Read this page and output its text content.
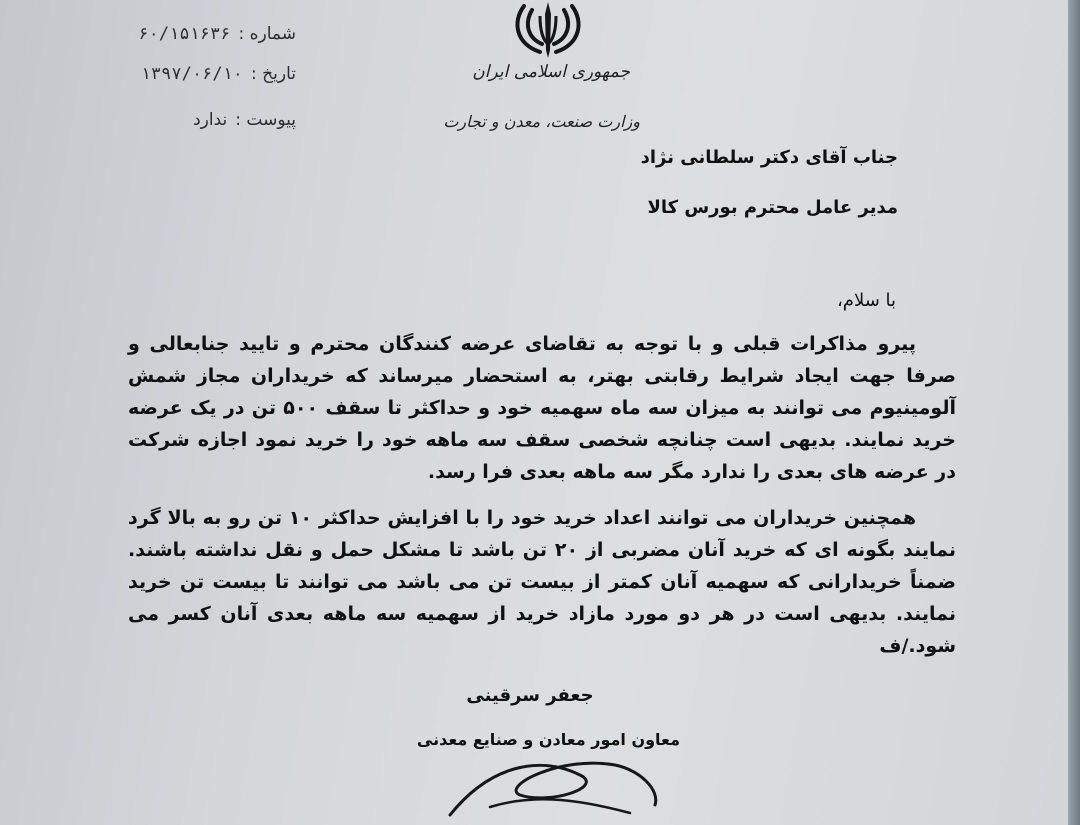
شماره :۶۰/۱۵۱۶۳۶
تاریخ :۱۳۹۷/۰۶/۱۰
پیوست :ندارد
جمهوری اسلامی ایران
وزارت صنعت، معدن و تجارت
جناب آقای دکتر سلطانی نژاد
مدیر عامل محترم بورس کالا
با سلام،

پیرو مذاکرات قبلی و با توجه به تقاضای عرضه کنندگان محترم و تایید جنابعالی و صرفا جهت ایجاد شرایط رقابتی بهتر، به استحضار میرساند که خریداران مجاز شمش آلومینیوم می توانند به میزان سه ماه سهمیه خود و حداکثر تا سقف ۵۰۰ تن در یک عرضه خرید نمایند. بدیهی است چنانچه شخصی سقف سه ماهه خود را خرید نمود اجازه شرکت در عرضه های بعدی را ندارد مگر سه ماهه بعدی فرا رسد.

همچنین خریداران می توانند اعداد خرید خود را با افزایش حداکثر ۱۰ تن رو به بالا گرد نمایند بگونه ای که خرید آنان مضربی از ۲۰ تن باشد تا مشکل حمل و نقل نداشته باشند. ضمناً خریدارانی که سهمیه آنان کمتر از بیست تن می باشد می توانند تا بیست تن خرید نمایند. بدیهی است در هر دو مورد مازاد خرید از سهمیه سه ماهه بعدی آنان کسر می شود./ف

جعفر سرقینی
معاون امور معادن و صنایع معدنی
